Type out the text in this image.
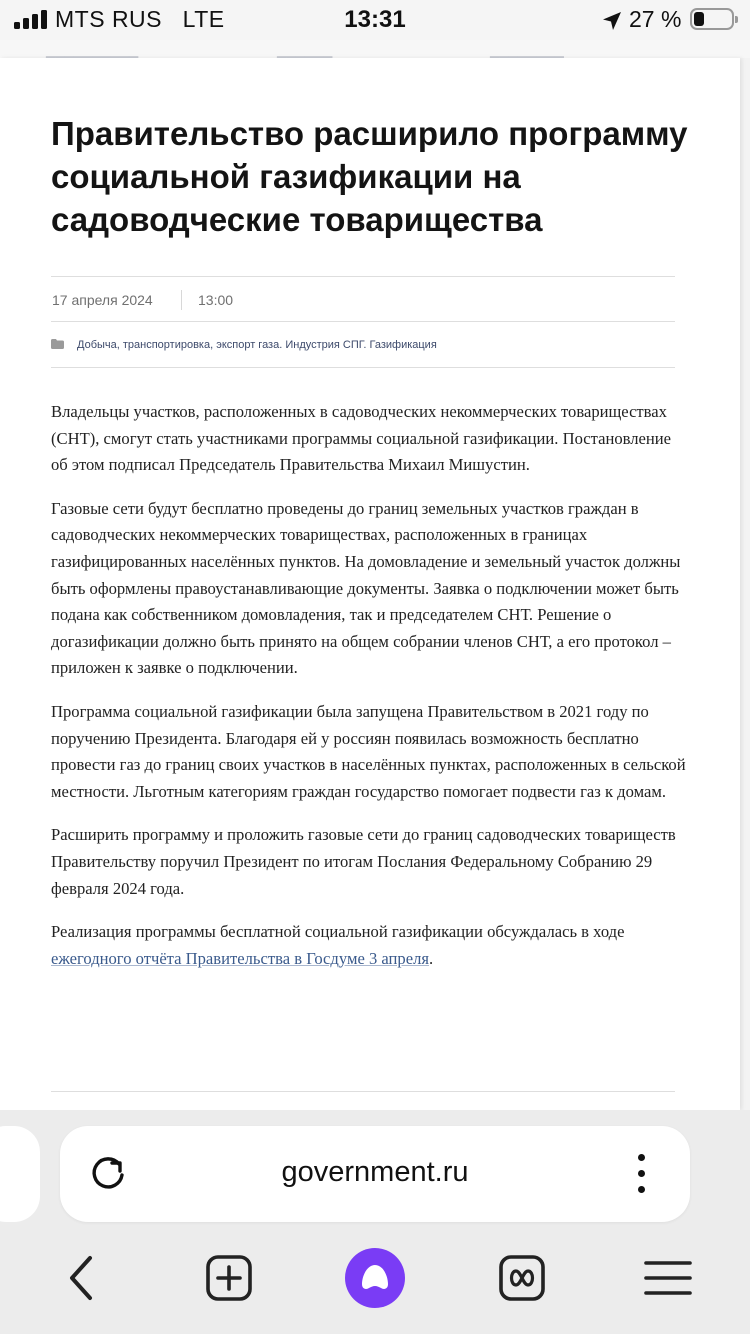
MTS RUS LTE	13:31	27 %
▁▁▁▁▁▁▁▁▁▁	▁▁▁▁▁▁	▁▁▁▁▁▁▁▁
Правительство расширило программу социальной газификации на садоводческие товарищества
17 апреля 2024	13:00
Добыча, транспортировка, экспорт газа. Индустрия СПГ. Газификация

Владельцы участков, расположенных в садоводческих некоммерческих товариществах (СНТ), смогут стать участниками программы социальной газификации. Постановление об этом подписал Председатель Правительства Михаил Мишустин.

Газовые сети будут бесплатно проведены до границ земельных участков граждан в садоводческих некоммерческих товариществах, расположенных в границах газифицированных населённых пунктов. На домовладение и земельный участок должны быть оформлены правоустанавливающие документы. Заявка о подключении может быть подана как собственником домовладения, так и председателем СНТ. Решение о догазификации должно быть принято на общем собрании членов СНТ, а его протокол – приложен к заявке о подключении.

Программа социальной газификации была запущена Правительством в 2021 году по поручению Президента. Благодаря ей у россиян появилась возможность бесплатно провести газ до границ своих участков в населённых пунктах, расположенных в сельской местности. Льготным категориям граждан государство помогает подвести газ к домам.

Расширить программу и проложить газовые сети до границ садоводческих товариществ Правительству поручил Президент по итогам Послания Федеральному Собранию 29 февраля 2024 года.

Реализация программы бесплатной социальной газификации обсуждалась в ходе ежегодного отчёта Правительства в Госдуме 3 апреля.

government.ru
